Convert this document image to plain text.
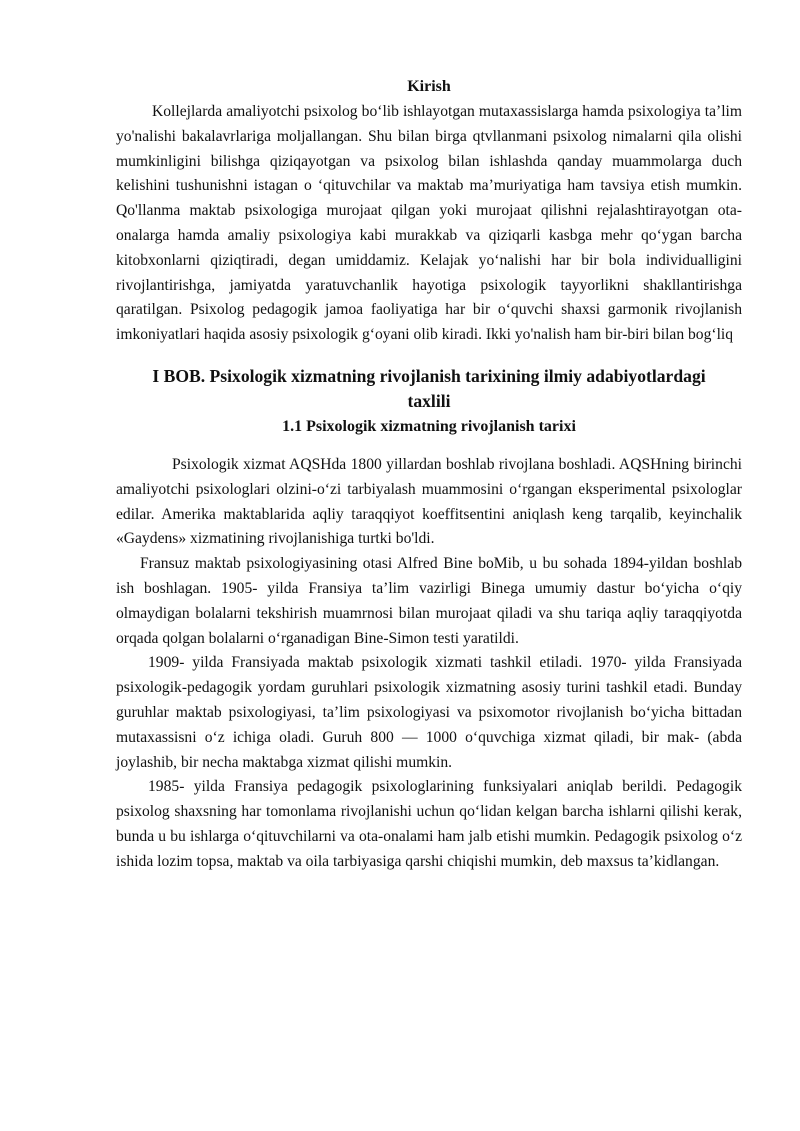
Kirish

Kollejlarda amaliyotchi psixolog bo‘lib ishlayotgan mutaxassislarga hamda psixologiya ta’lim yo'nalishi bakalavrlariga moljallangan. Shu bilan birga qtvllanmani psixolog nimalarni qila olishi mumkinligini bilishga qiziqayotgan va psixolog bilan ishlashda qanday muammolarga duch kelishini tushunishni istagan o ‘qituvchilar va maktab ma’muriyatiga ham tavsiya etish mumkin. Qo'llanma maktab psixologiga murojaat qilgan yoki murojaat qilishni rejalashtirayotgan ota-onalarga hamda amaliy psixologiya kabi murakkab va qiziqarli kasbga mehr qo‘ygan barcha kitobxonlarni qiziqtiradi, degan umiddamiz. Kelajak yo‘nalishi har bir bola individualligini rivojlantirishga, jamiyatda yaratuvchanlik hayotiga psixologik tayyorlikni shakllantirishga qaratilgan. Psixolog pedagogik jamoa faoliyatiga har bir o‘quvchi shaxsi garmonik rivojlanish imkoniyatlari haqida asosiy psixologik g‘oyani olib kiradi. Ikki yo'nalish ham bir-biri bilan bog‘liq

I BOB. Psixologik xizmatning rivojlanish tarixining ilmiy adabiyotlardagi
taxlili
1.1 Psixologik xizmatning rivojlanish tarixi

Psixologik xizmat AQSHda 1800 yillardan boshlab rivojlana boshladi. AQSHning birinchi amaliyotchi psixologlari olzini-o‘zi tarbiyalash muammosini o‘rgangan eksperimental psixologlar edilar. Amerika maktablarida aqliy taraqqiyot koeffitsentini aniqlash keng tarqalib, keyinchalik «Gaydens» xizmatining rivojlanishiga turtki bo'ldi.

Fransuz maktab psixologiyasining otasi Alfred Bine boMib, u bu sohada 1894-yildan boshlab ish boshlagan. 1905- yilda Fransiya ta’lim vazirligi Binega umumiy dastur bo‘yicha o‘qiy olmaydigan bolalarni tekshirish muamrnosi bilan murojaat qiladi va shu tariqa aqliy taraqqiyotda orqada qolgan bolalarni o‘rganadigan Bine-Simon testi yaratildi.

1909- yilda Fransiyada maktab psixologik xizmati tashkil etiladi. 1970- yilda Fransiyada psixologik-pedagogik yordam guruhlari psixologik xizmatning asosiy turini tashkil etadi. Bunday guruhlar maktab psixologiyasi, ta’lim psixologiyasi va psixomotor rivojlanish bo‘yicha bittadan mutaxassisni o‘z ichiga oladi. Guruh 800 — 1000 o‘quvchiga xizmat qiladi, bir mak- (abda joylashib, bir necha maktabga xizmat qilishi mumkin.

1985- yilda Fransiya pedagogik psixologlarining funksiyalari aniqlab berildi. Pedagogik psixolog shaxsning har tomonlama rivojlanishi uchun qo‘lidan kelgan barcha ishlarni qilishi kerak, bunda u bu ishlarga o‘qituvchilarni va ota-onalami ham jalb etishi mumkin. Pedagogik psixolog o‘z ishida lozim topsa, maktab va oila tarbiyasiga qarshi chiqishi mumkin, deb maxsus ta’kidlangan.
